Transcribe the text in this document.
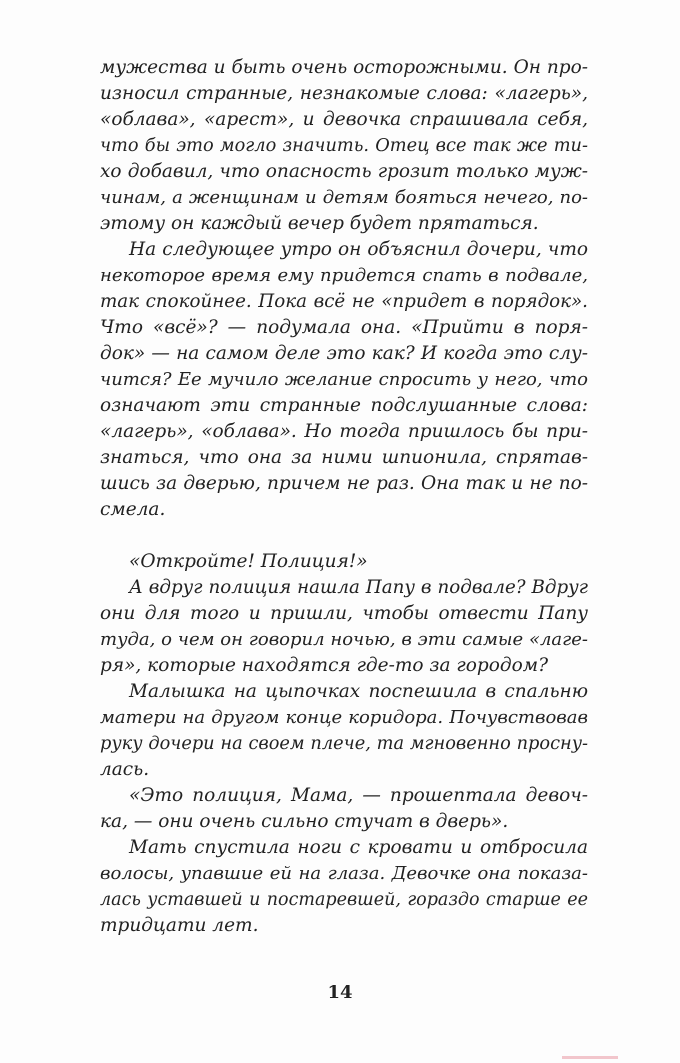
мужества и быть очень осторожными. Он про-
износил странные, незнакомые слова: «лагерь»,
«облава», «арест», и девочка спрашивала себя,
что бы это могло значить. Отец все так же ти-
хо добавил, что опасность грозит только муж-
чинам, а женщинам и детям бояться нечего, по-
этому он каждый вечер будет прятаться.
На следующее утро он объяснил дочери, что
некоторое время ему придется спать в подвале,
так спокойнее. Пока всё не «придет в порядок».
Что «всё»? — подумала она. «Прийти в поря-
док» — на самом деле это как? И когда это слу-
чится? Ее мучило желание спросить у него, что
означают эти странные подслушанные слова:
«лагерь», «облава». Но тогда пришлось бы при-
знаться, что она за ними шпионила, спрятав-
шись за дверью, причем не раз. Она так и не по-
смела.
«Откройте! Полиция!»
А вдруг полиция нашла Папу в подвале? Вдруг
они для того и пришли, чтобы отвести Папу
туда, о чем он говорил ночью, в эти самые «лаге-
ря», которые находятся где-то за городом?
Малышка на цыпочках поспешила в спальню
матери на другом конце коридора. Почувствовав
руку дочери на своем плече, та мгновенно просну-
лась.
«Это полиция, Мама, — прошептала девоч-
ка, — они очень сильно стучат в дверь».
Мать спустила ноги с кровати и отбросила
волосы, упавшие ей на глаза. Девочке она показа-
лась уставшей и постаревшей, гораздо старше ее
тридцати лет.
14
